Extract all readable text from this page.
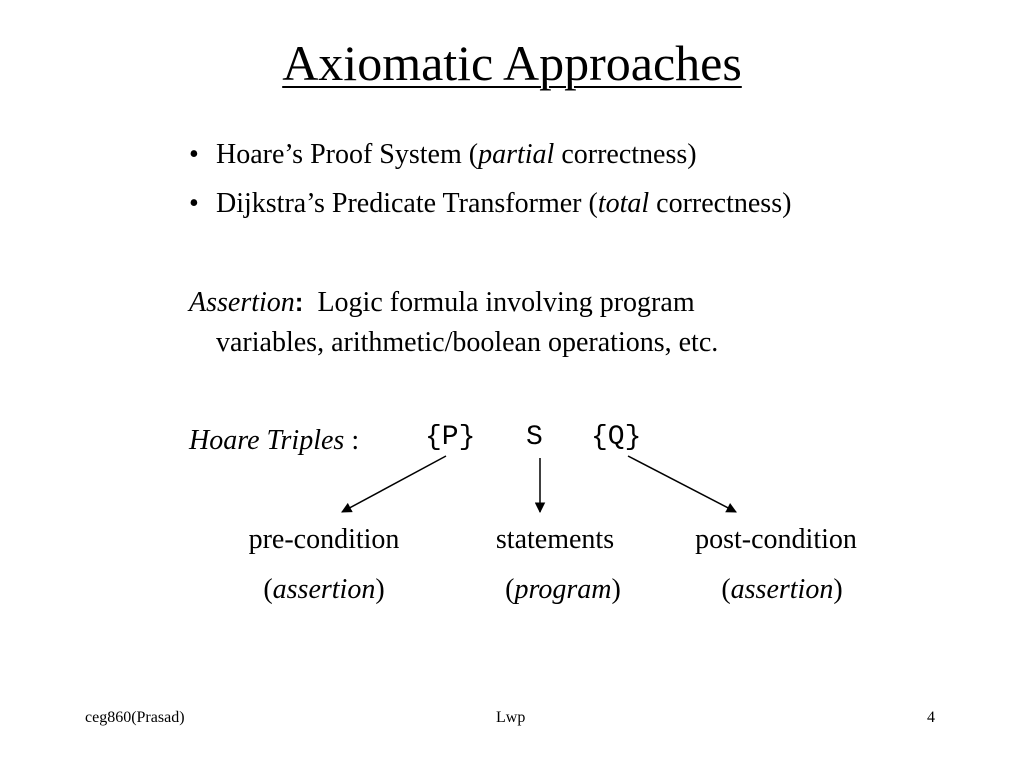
Axiomatic Approaches
• Hoare’s Proof System (partial correctness)
• Dijkstra’s Predicate Transformer (total correctness)
Assertion: Logic formula involving program
variables, arithmetic/boolean operations, etc.
Hoare Triples : {P} S {Q}
pre-condition	statements	post-condition
(assertion)	(program)	(assertion)
ceg860(Prasad)	Lwp	4
